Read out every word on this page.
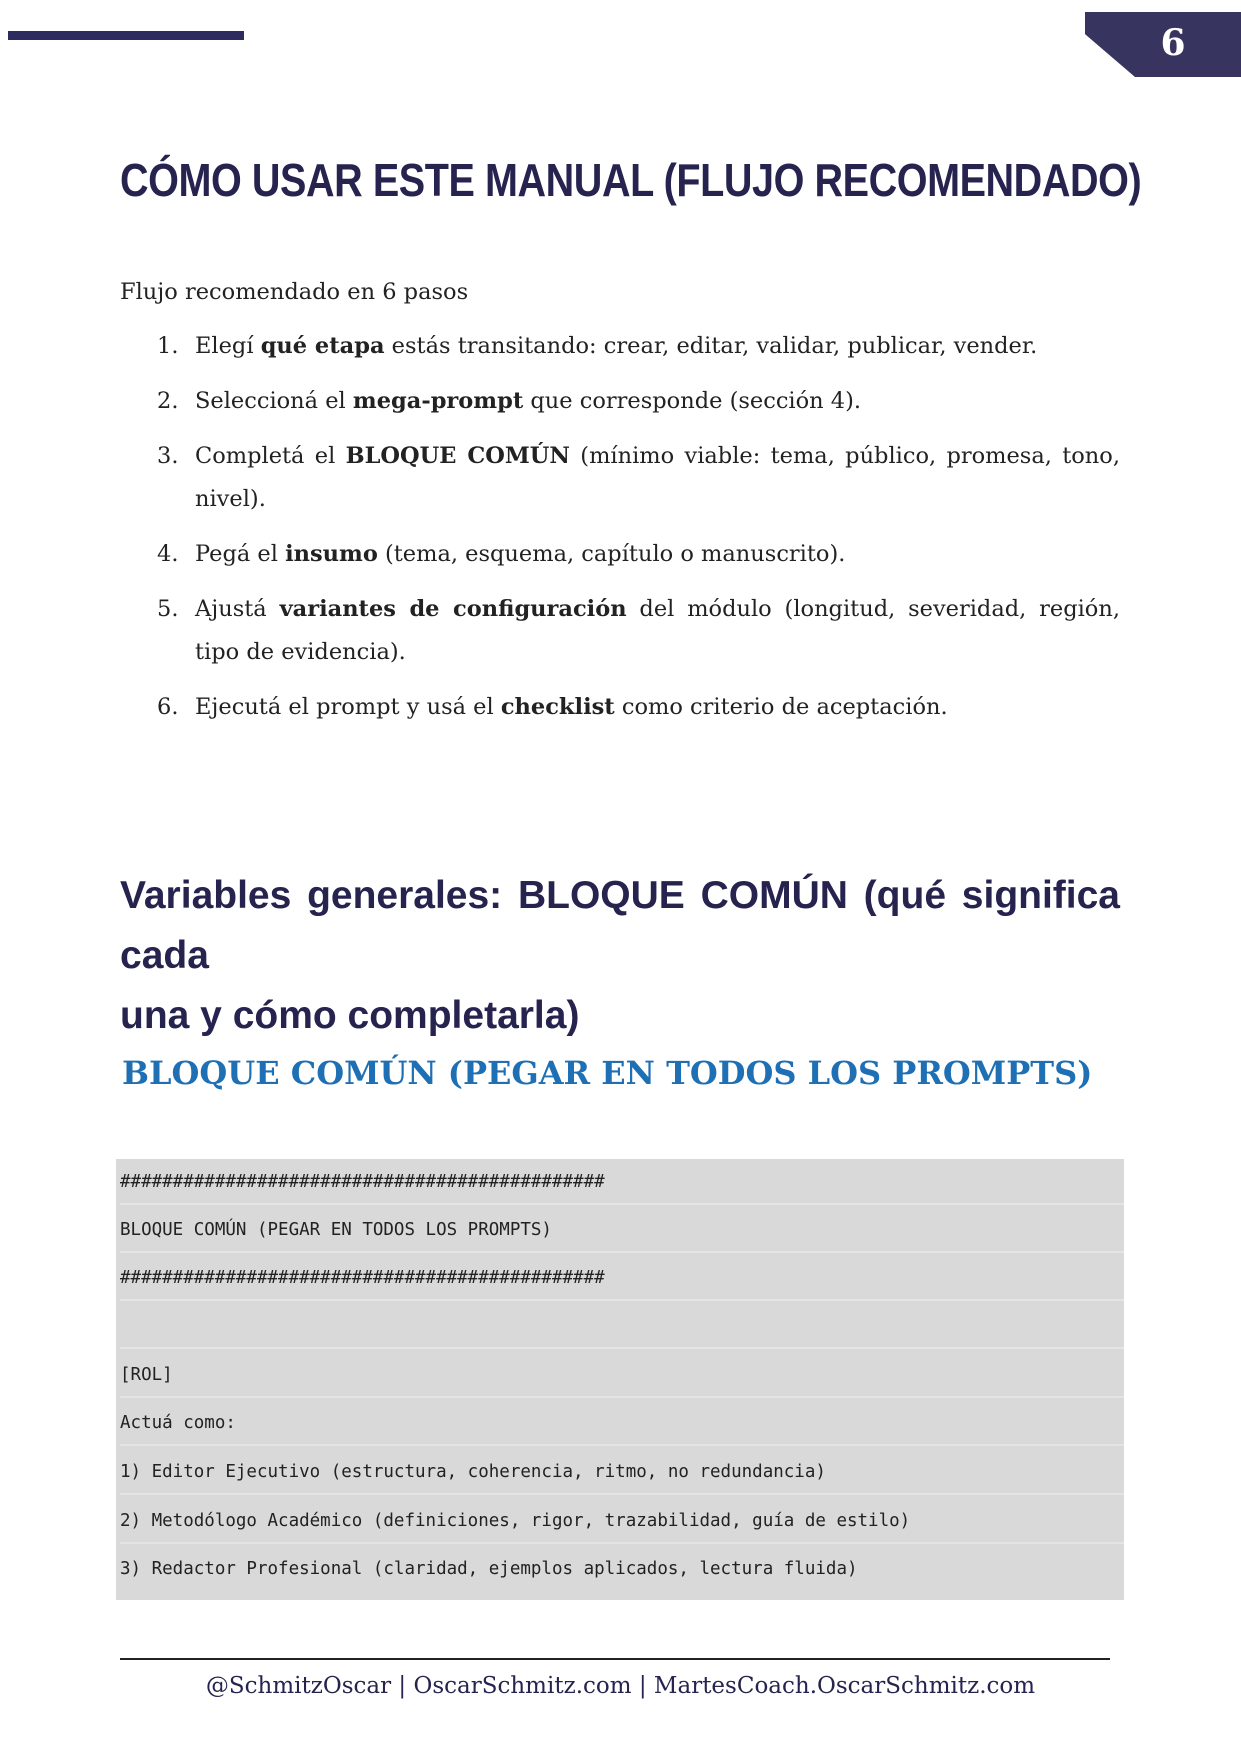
6
CÓMO USAR ESTE MANUAL (FLUJO RECOMENDADO)

Flujo recomendado en 6 pasos

1. Elegí qué etapa estás transitando: crear, editar, validar, publicar, vender.
2. Seleccioná el mega-prompt que corresponde (sección 4).
3. Completá el BLOQUE COMÚN (mínimo viable: tema, público, promesa, tono, nivel).
4. Pegá el insumo (tema, esquema, capítulo o manuscrito).
5. Ajustá variantes de configuración del módulo (longitud, severidad, región, tipo de evidencia).
6. Ejecutá el prompt y usá el checklist como criterio de aceptación.
Variables generales: BLOQUE COMÚN (qué significa cada
una y cómo completarla)
BLOQUE COMÚN (PEGAR EN TODOS LOS PROMPTS)
##############################################
BLOQUE COMÚN (PEGAR EN TODOS LOS PROMPTS)
##############################################
[ROL]
Actuá como:
1) Editor Ejecutivo (estructura, coherencia, ritmo, no redundancia)
2) Metodólogo Académico (definiciones, rigor, trazabilidad, guía de estilo)
3) Redactor Profesional (claridad, ejemplos aplicados, lectura fluida)
@SchmitzOscar | OscarSchmitz.com | MartesCoach.OscarSchmitz.com
